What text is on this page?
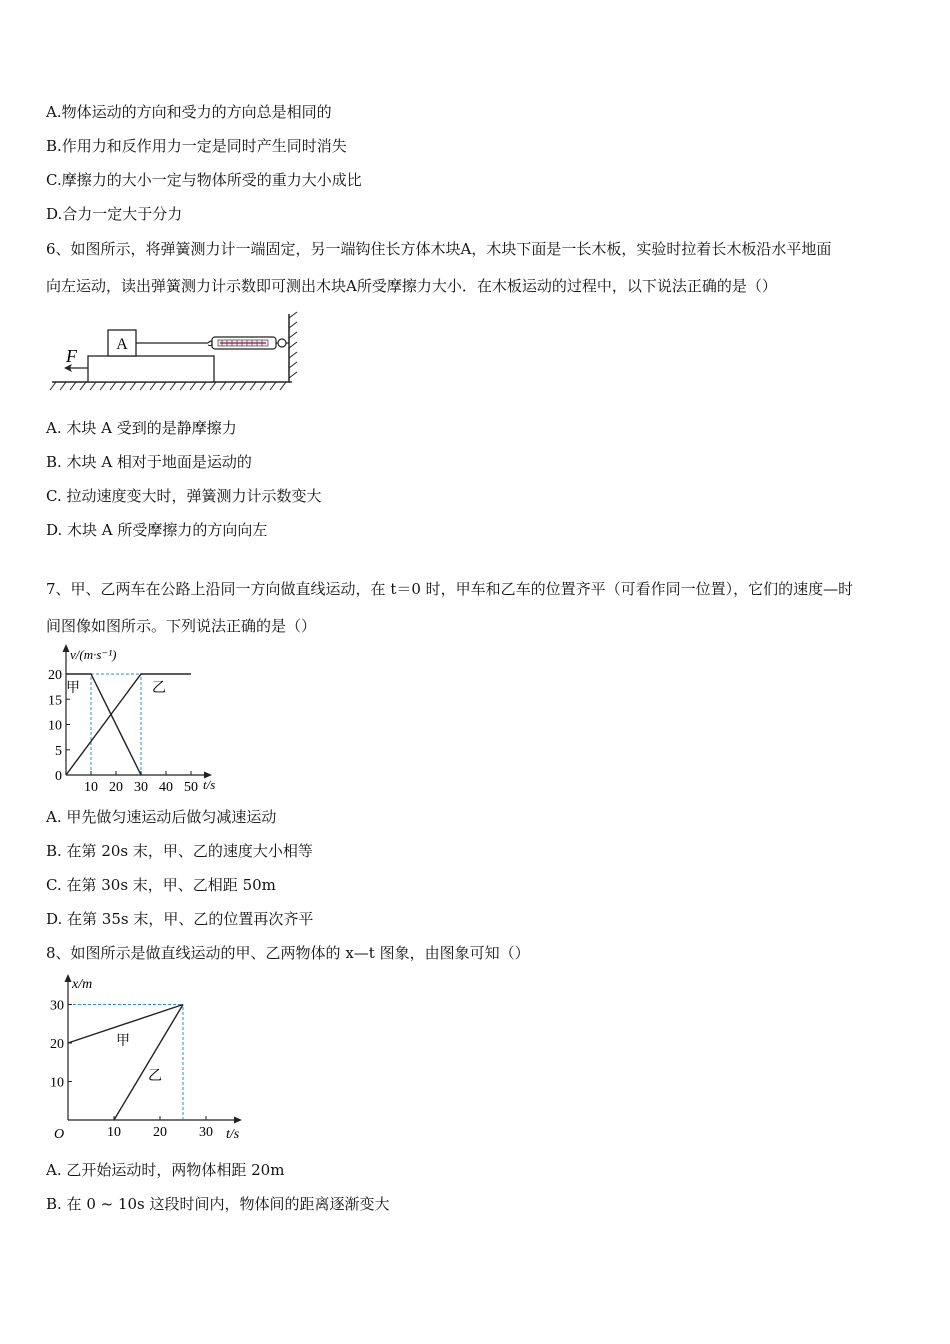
A.物体运动的方向和受力的方向总是相同的
B.作用力和反作用力一定是同时产生同时消失
C.摩擦力的大小一定与物体所受的重力大小成比
D.合力一定大于分力
6、如图所示，将弹簧测力计一端固定，另一端钩住长方体木块A，木块下面是一长木板，实验时拉着长木板沿水平地面
向左运动，读出弹簧测力计示数即可测出木块A所受摩擦力大小．在木板运动的过程中，以下说法正确的是（）
A
F
A. 木块 A 受到的是静摩擦力
B. 木块 A 相对于地面是运动的
C. 拉动速度变大时，弹簧测力计示数变大
D. 木块 A 所受摩擦力的方向向左
7、甲、乙两车在公路上沿同一方向做直线运动，在 t＝0 时，甲车和乙车的位置齐平（可看作同一位置），它们的速度—时
间图像如图所示。下列说法正确的是（）
10 20 30 40 50
0
5
10
15
20
v/(m·s⁻¹)
t/s
甲	乙
A. 甲先做匀速运动后做匀减速运动
B. 在第 20s 末，甲、乙的速度大小相等
C. 在第 30s 末，甲、乙相距 50m
D. 在第 35s 末，甲、乙的位置再次齐平
8、如图所示是做直线运动的甲、乙两物体的 x—t 图象，由图象可知（）
10 20 30
10
20
30
x/m
t/s
O
甲
乙
A. 乙开始运动时，两物体相距 20m
B. 在 0 ~ 10s 这段时间内，物体间的距离逐渐变大
